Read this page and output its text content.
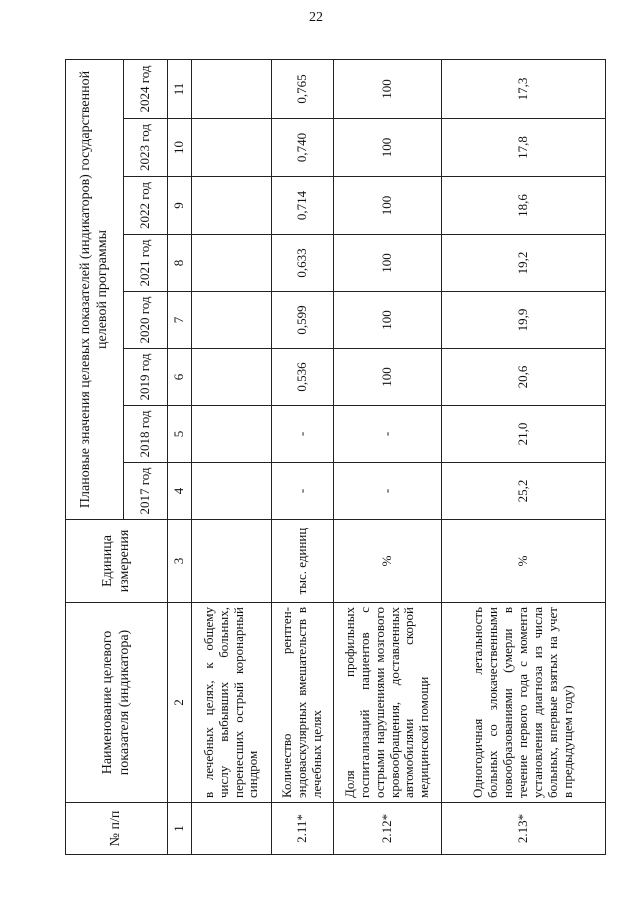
22
№ п/п	Наименование целевого показателя (индикатора)	Единица измерения	Плановые значения целевых показателей (индикаторов) государственной целевой программы							
			2017 год	2018 год	2019 год	2020 год	2021 год	2022 год	2023 год	2024 год
1	2	3	4	5	6	7	8	9	10	11
	в лечебных целях, к общему числу выбывших больных, перенесших острый коронарный синдром									
2.11*	Количество рентген-эндоваскулярных вмешательств в лечебных целях	тыс. единиц	-	-	0,536	0,599	0,633	0,714	0,740	0,765
2.12*	Доля профильных госпитализаций пациентов с острыми нарушениями мозгового кровообращения, доставленных автомобилями скорой медицинской помощи	%	-	-	100	100	100	100	100	100
2.13*	Одногодичная летальность больных со злокачественными новообразованиями (умерли в течение первого года с момента установления диагноза из числа больных, впервые взятых на учет в предыдущем году)	%	25,2	21,0	20,6	19,9	19,2	18,6	17,8	17,3
